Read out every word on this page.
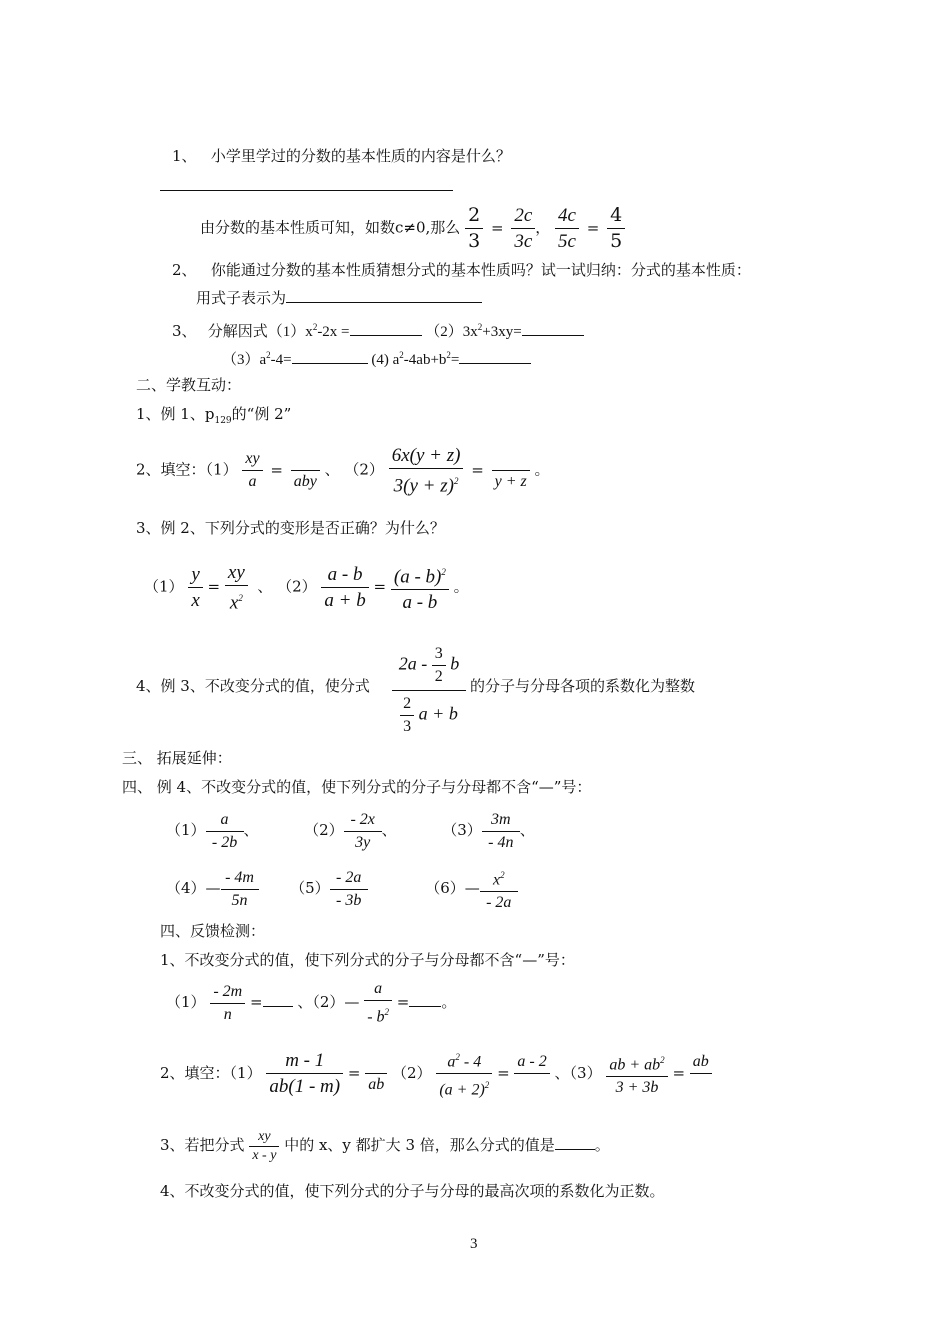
1、 小学里学过的分数的基本性质的内容是什么？
由分数的基本性质可知，如数c≠0,那么 $\frac{2}{3} = \frac{2c}{3c}$ ， $\frac{4c}{5c} = \frac{4}{5}$
2、 你能通过分数的基本性质猜想分式的基本性质吗？试一试归纳：分式的基本性质：
用式子表示为
3、 分解因式$(1)x^2-2x$ =	$(2)3x^2+3xy=$
$(3)a^2-4=$	(4) $a^2-4ab+b^2=$
二、学教互动：
1、例 1、$p_{129}$的“例 2”
2、填空：$(1) \frac{xy}{a}$ =

aby
、 $(2) \frac{6x(y + z)}{3(y + z)^2}$ =

y + z
。
3、例 2、下列分式的变形是否正确？为什么？
$(1) \frac{y}{x} = \frac{xy}{x^2}$ 、 $(2) \frac{a - b}{a + b} = \frac{(a - b)^2}{a - b}$ 。
4、例 3、不改变分式的值，使分式 $\frac{2a - \frac{3}{2} b}{\frac{2}{3} a + b}$ 的分子与分母各项的系数化为整数
三、 拓展延伸：
四、 例 4、不改变分式的值，使下列分式的分子与分母都不含“—”号：
$(1) \frac{a}{- 2b}$ 、	$(2) \frac{- 2x}{3y}$ 、	$(3) \frac{3m}{- 4n}$ 、
（4）— $\frac{- 4m}{5n} (5) \frac{- 2a}{- 3b}$	（6）— $\frac{x^2}{- 2a}$
四、反馈检测：
1、不改变分式的值，使下列分式的分子与分母都不含“—”号：
$(1) \frac{- 2m}{n}$ = 、（2）— $\frac{a}{- b^2}$ = 。
2、填空：$(1) \frac{m - 1}{ab(1 - m)}$ =

ab
$(2) \frac{a^2 - 4}{(a + 2)^2}$ =
a - 2

、$(3) \frac{ab + ab^2}{3 + 3b}$ =
ab

3、若把分式 $\frac{xy}{x - y}$ 中的 x、y 都扩大 3 倍，那么分式的值是	。
4、不改变分式的值，使下列分式的分子与分母的最高次项的系数化为正数。
3
